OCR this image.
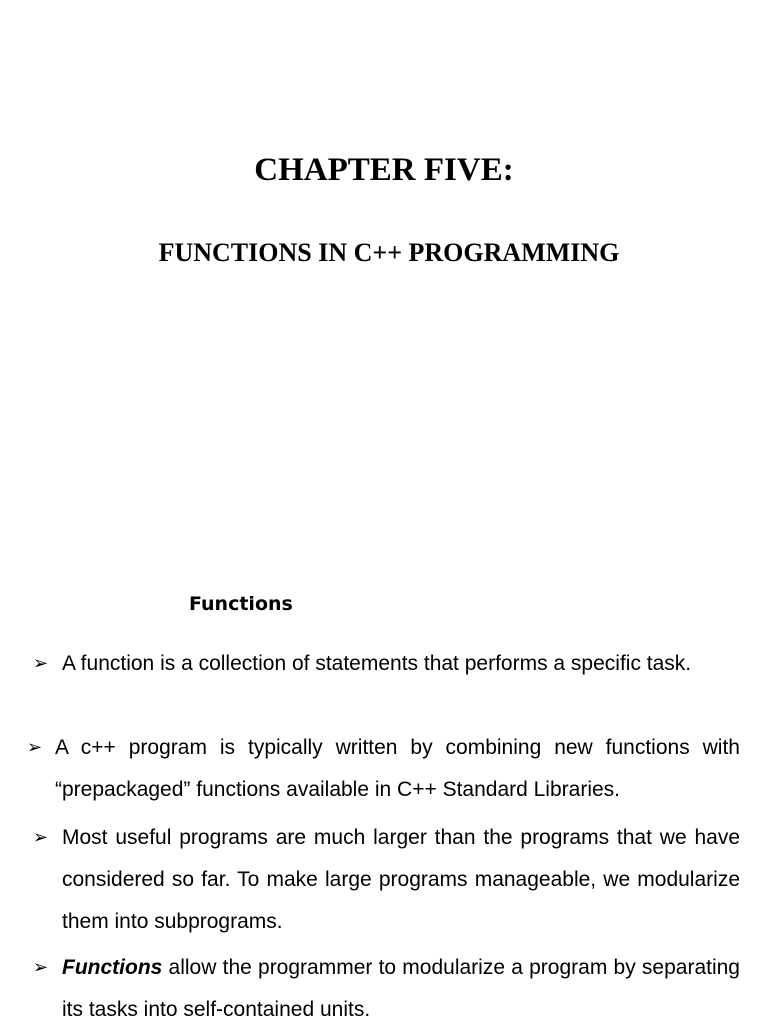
CHAPTER FIVE:
FUNCTIONS IN C++ PROGRAMMING
Functions
➢ A function is a collection of statements that performs a specific task.
➢ A c++ program is typically written by combining new functions with “prepackaged” functions available in C++ Standard Libraries.
➢ Most useful programs are much larger than the programs that we have considered so far. To make large programs manageable, we modularize them into subprograms.
➢ Functions allow the programmer to modularize a program by separating its tasks into self-contained units.
